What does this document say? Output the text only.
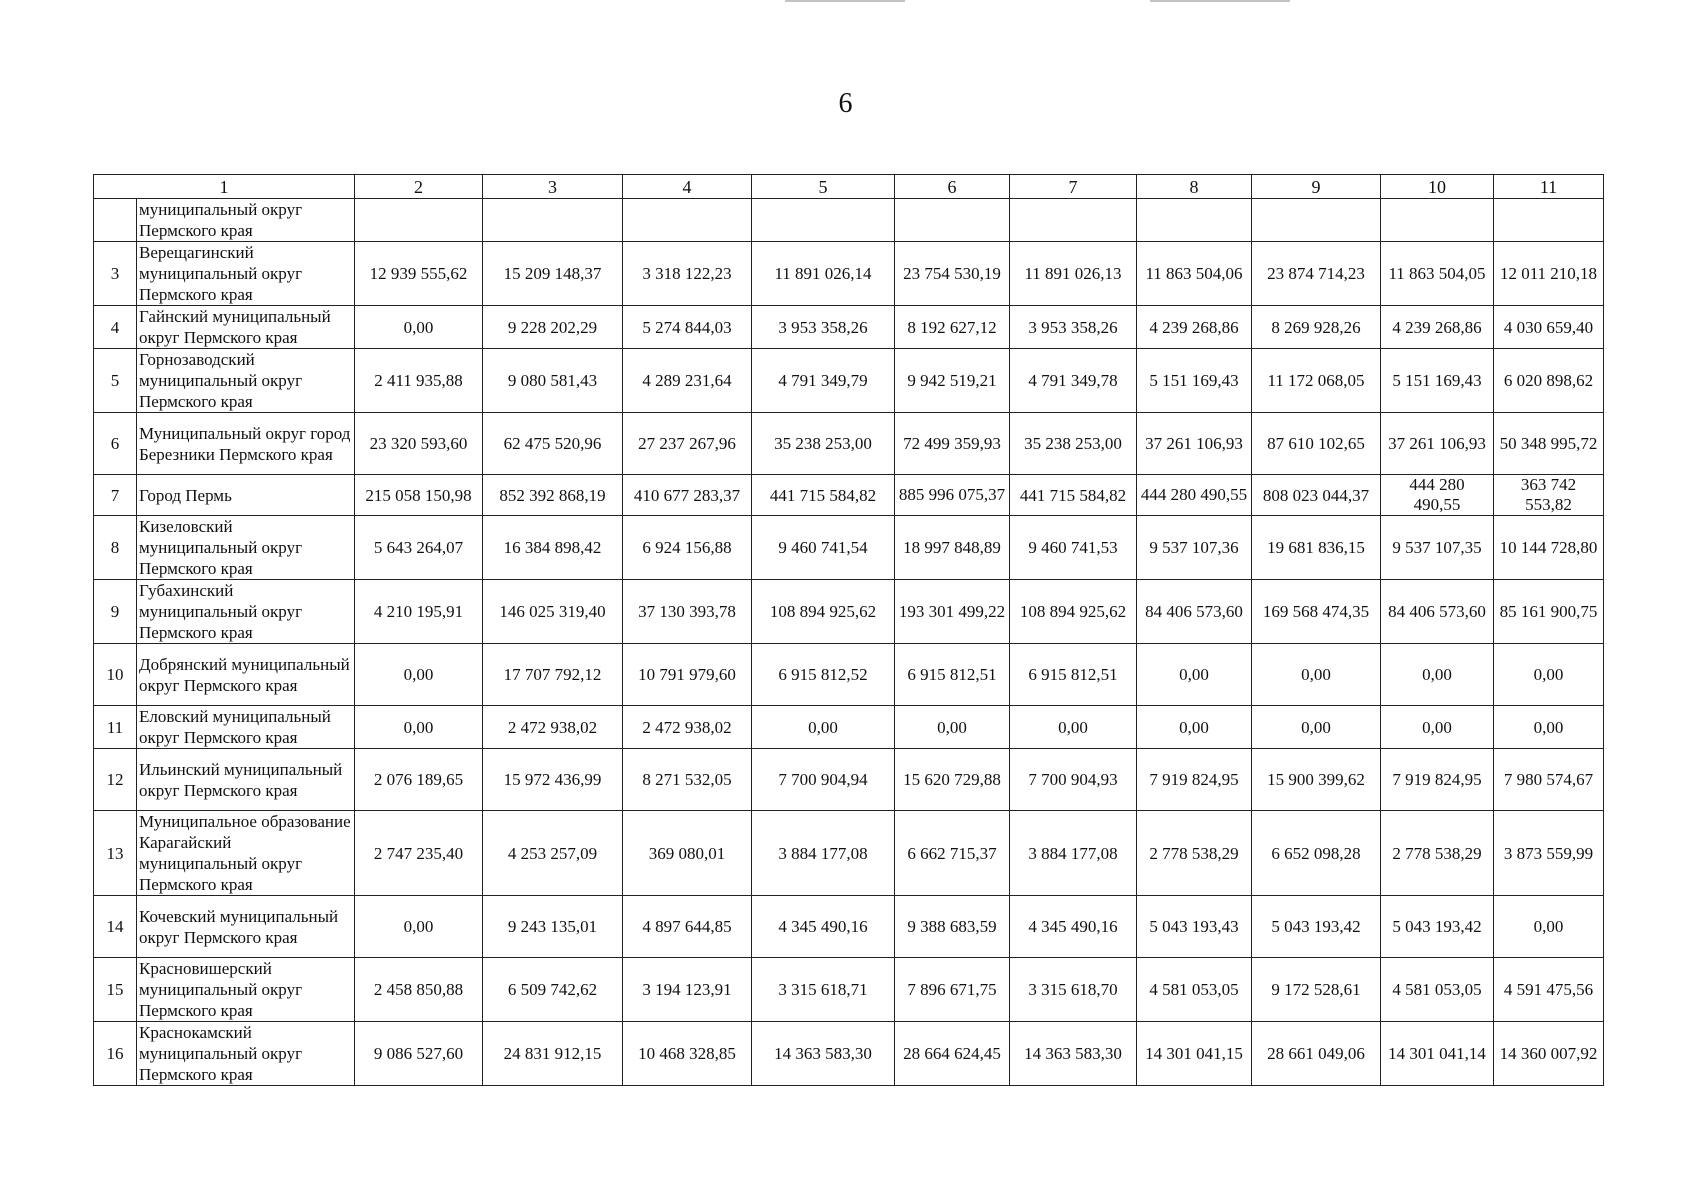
6
1		2	3	4	5	6	7	8	9	10	11
	муниципальный округ Пермского края										
3	Верещагинский муниципальный округ Пермского края	12 939 555,62	15 209 148,37	3 318 122,23	11 891 026,14	23 754 530,19	11 891 026,13	11 863 504,06	23 874 714,23	11 863 504,05	12 011 210,18
4	Гайнский муниципальный округ Пермского края	0,00	9 228 202,29	5 274 844,03	3 953 358,26	8 192 627,12	3 953 358,26	4 239 268,86	8 269 928,26	4 239 268,86	4 030 659,40
5	Горнозаводский муниципальный округ Пермского края	2 411 935,88	9 080 581,43	4 289 231,64	4 791 349,79	9 942 519,21	4 791 349,78	5 151 169,43	11 172 068,05	5 151 169,43	6 020 898,62
6	Муниципальный округ город Березники Пермского края	23 320 593,60	62 475 520,96	27 237 267,96	35 238 253,00	72 499 359,93	35 238 253,00	37 261 106,93	87 610 102,65	37 261 106,93	50 348 995,72
7	Город Пермь	215 058 150,98	852 392 868,19	410 677 283,37	441 715 584,82	885 996 075,37	441 715 584,82	444 280 490,55	808 023 044,37	444 280 490,55	363 742 553,82
8	Кизеловский муниципальный округ Пермского края	5 643 264,07	16 384 898,42	6 924 156,88	9 460 741,54	18 997 848,89	9 460 741,53	9 537 107,36	19 681 836,15	9 537 107,35	10 144 728,80
9	Губахинский муниципальный округ Пермского края	4 210 195,91	146 025 319,40	37 130 393,78	108 894 925,62	193 301 499,22	108 894 925,62	84 406 573,60	169 568 474,35	84 406 573,60	85 161 900,75
10	Добрянский муниципальный округ Пермского края	0,00	17 707 792,12	10 791 979,60	6 915 812,52	6 915 812,51	6 915 812,51	0,00	0,00	0,00	0,00
11	Еловский муниципальный округ Пермского края	0,00	2 472 938,02	2 472 938,02	0,00	0,00	0,00	0,00	0,00	0,00	0,00
12	Ильинский муниципальный округ Пермского края	2 076 189,65	15 972 436,99	8 271 532,05	7 700 904,94	15 620 729,88	7 700 904,93	7 919 824,95	15 900 399,62	7 919 824,95	7 980 574,67
13	Муниципальное образование Карагайский муниципальный округ Пермского края	2 747 235,40	4 253 257,09	369 080,01	3 884 177,08	6 662 715,37	3 884 177,08	2 778 538,29	6 652 098,28	2 778 538,29	3 873 559,99
14	Кочевский муниципальный округ Пермского края	0,00	9 243 135,01	4 897 644,85	4 345 490,16	9 388 683,59	4 345 490,16	5 043 193,43	5 043 193,42	5 043 193,42	0,00
15	Красновишерский муниципальный округ Пермского края	2 458 850,88	6 509 742,62	3 194 123,91	3 315 618,71	7 896 671,75	3 315 618,70	4 581 053,05	9 172 528,61	4 581 053,05	4 591 475,56
16	Краснокамский муниципальный округ Пермского края	9 086 527,60	24 831 912,15	10 468 328,85	14 363 583,30	28 664 624,45	14 363 583,30	14 301 041,15	28 661 049,06	14 301 041,14	14 360 007,92
